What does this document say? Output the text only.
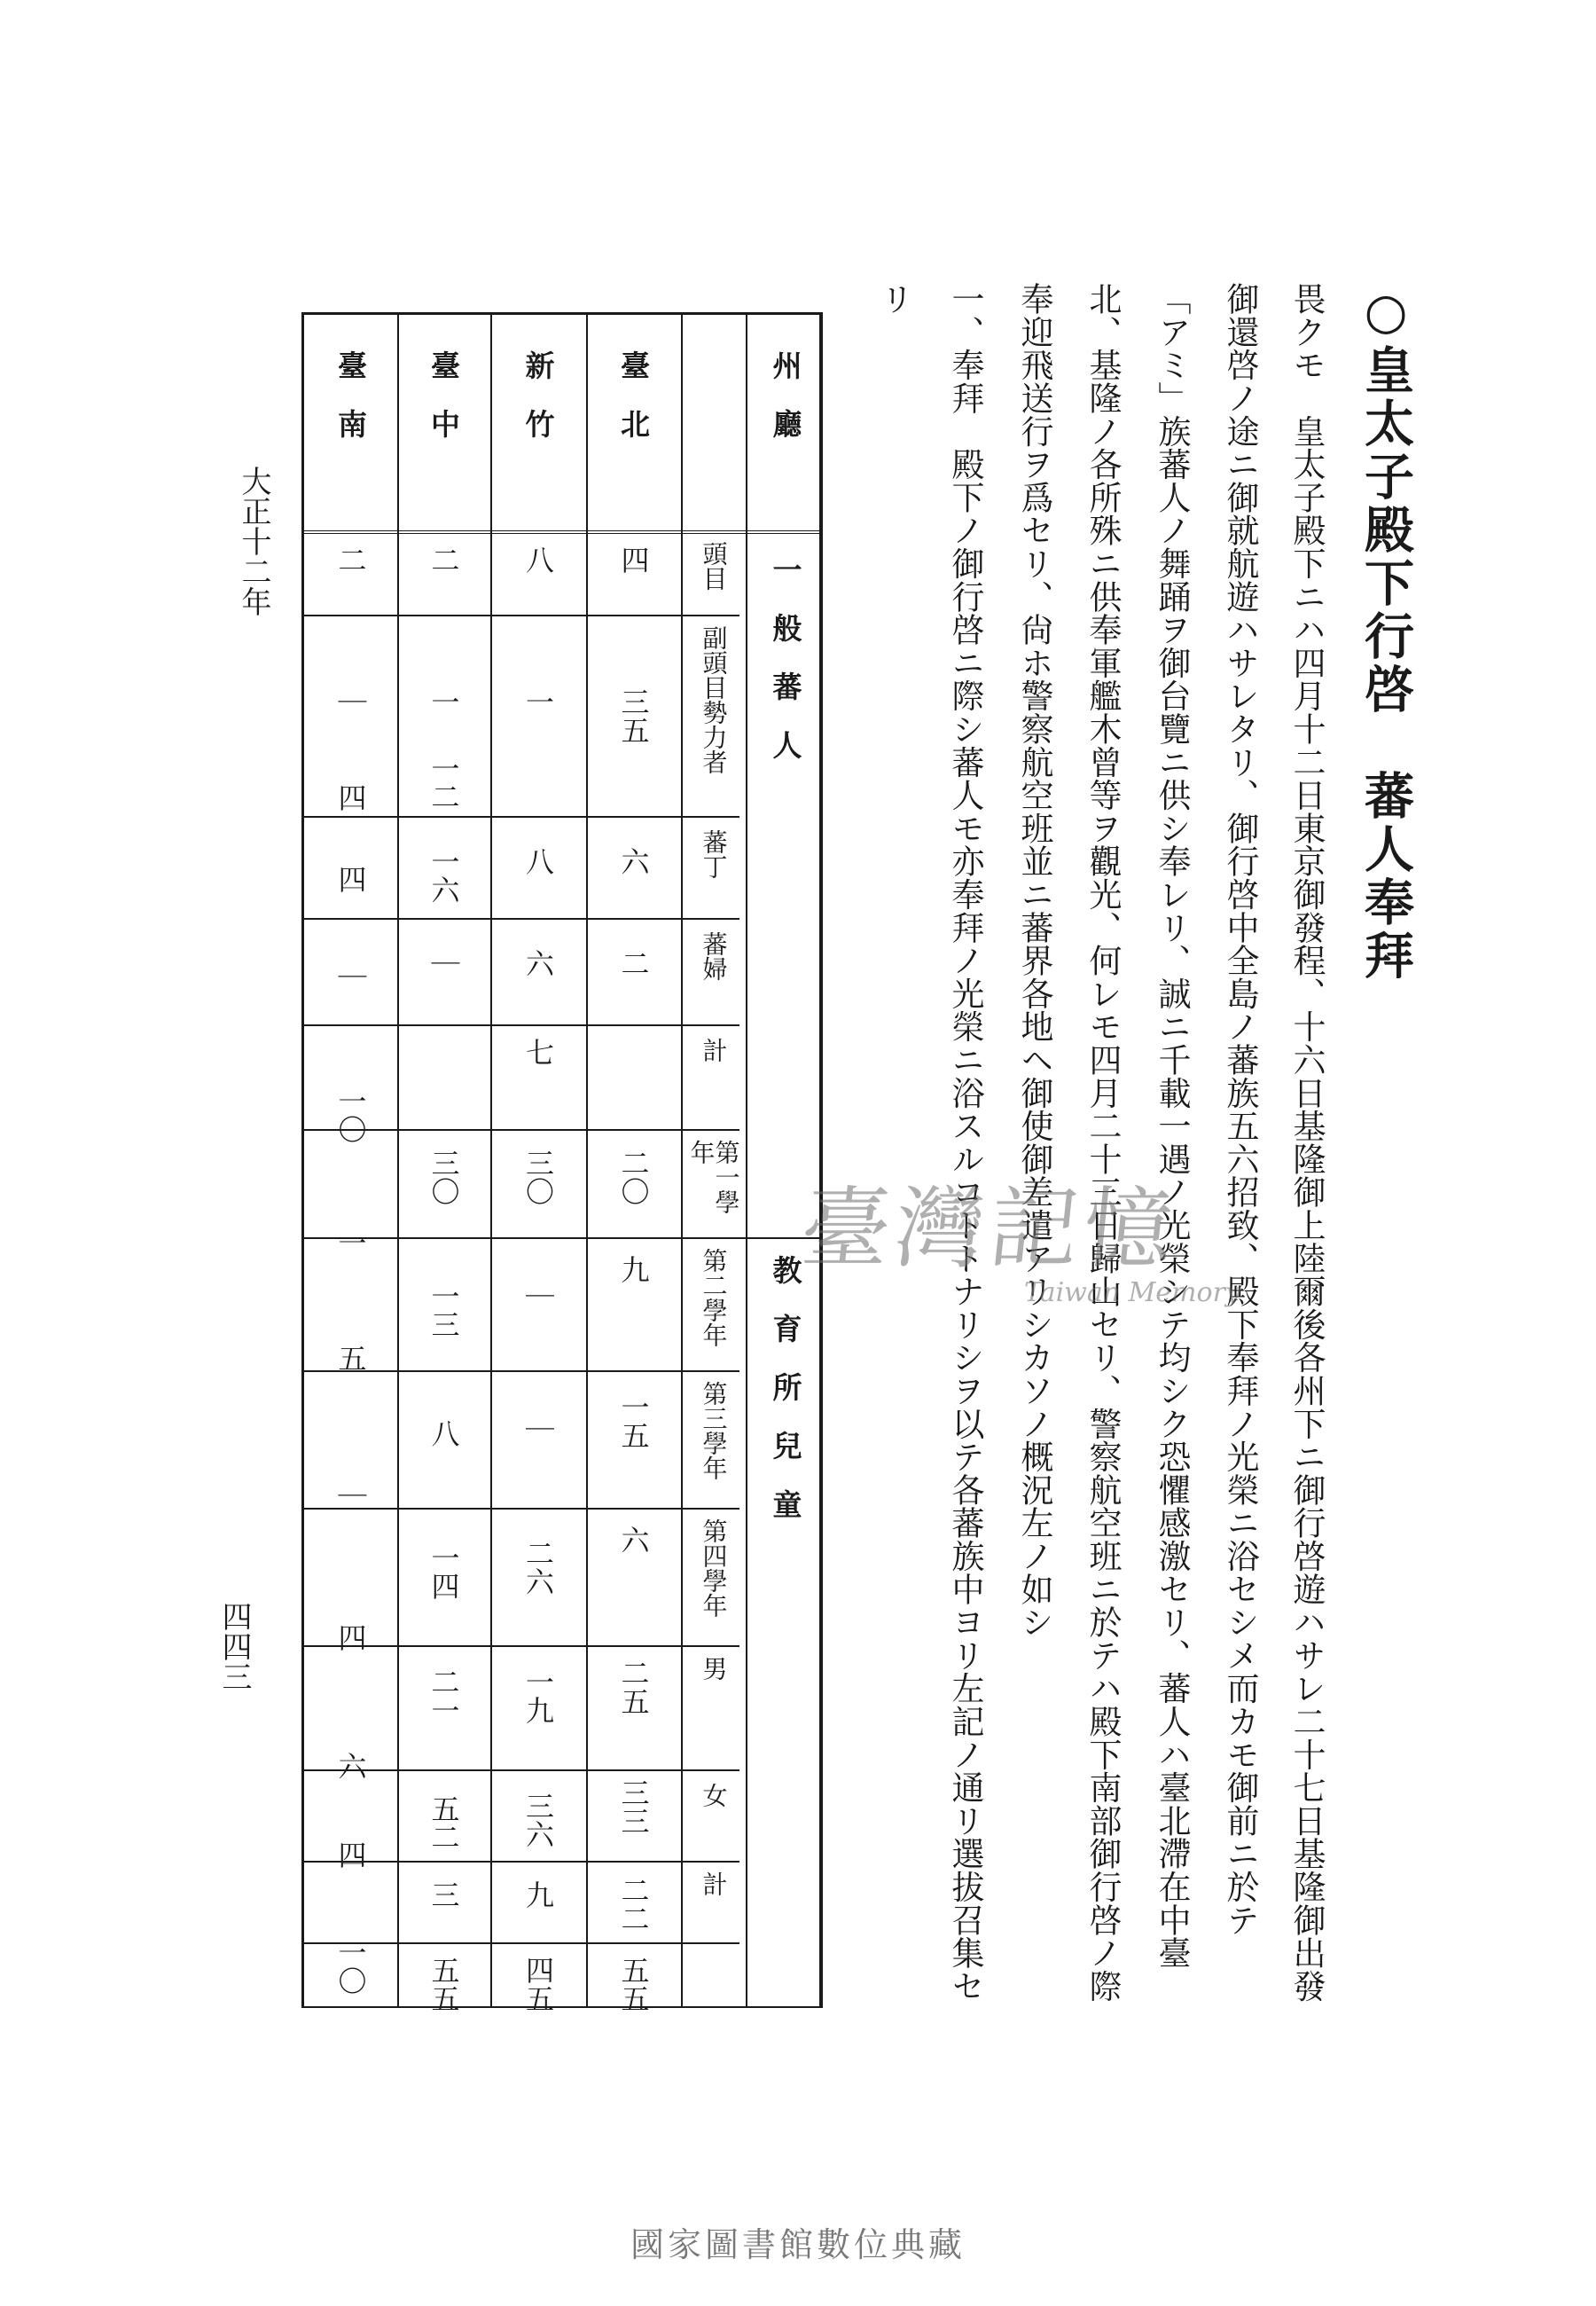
○皇太子殿下行啓　蕃人奉拜
畏クモ　皇太子殿下ニハ四月十二日東京御發程、十六日基隆御上陸爾後各州下ニ御行啓遊ハサレ二十七日基隆御出發
御還啓ノ途ニ御就航遊ハサレタリ、御行啓中全島ノ蕃族五六招致、殿下奉拜ノ光榮ニ浴セシメ而カモ御前ニ於テ
「アミ」族蕃人ノ舞踊ヲ御台覽ニ供シ奉レリ、誠ニ千載一遇ノ光榮シテ均シク恐懼感激セリ、蕃人ハ臺北滯在中臺
北、基隆ノ各所殊ニ供奉軍艦木曾等ヲ觀光、何レモ四月二十三日歸山セリ、警察航空班ニ於テハ殿下南部御行啓ノ際
奉迎飛送行ヲ爲セリ、尙ホ警察航空班並ニ蕃界各地ヘ御使御差遣アリシカソノ概況左ノ如シ
一、奉拜　殿下ノ御行啓ニ際シ蕃人モ亦奉拜ノ光榮ニ浴スルコトトナリシヲ以テ各蕃族中ヨリ左記ノ通リ選拔召集セ
リ
州　廳
一　般　蕃　人
教　育　所　兒　童
頭目
副頭目勢力者
蕃丁
蕃婦
計
第一學年
第二學年
第三學年
第四學年
男
女
計
臺　北
新　竹
臺　中
臺　南
四
三五
六
二
二〇
九
一五
六
二五
三三
二二
五五
八
一
八
六
七
三〇
｜
｜
二六
一九
三六
九
四五
二
一
一二
一六
｜
三〇
一三
八
一四
二一
五二
三
五五
二
｜
四
四
｜
一〇
一
五
｜
四
六
四
一〇
大正十二年
四四三
臺灣記憶
Taiwan Memory
國家圖書館數位典藏
